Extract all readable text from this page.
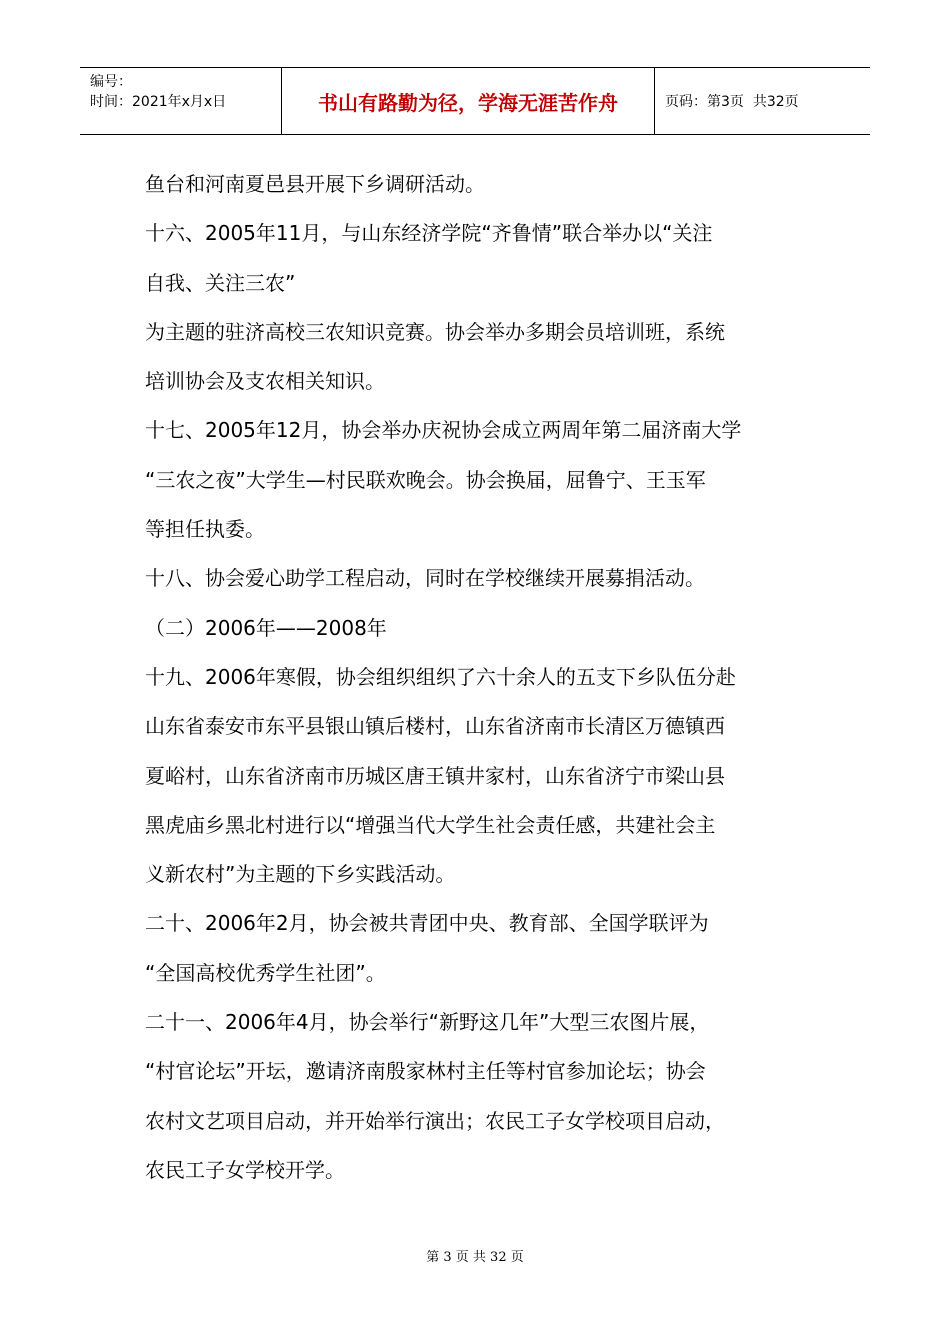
编号：
时间：2021年x月x日	书山有路勤为径，学海无涯苦作舟	页码： 第3页
共32页
鱼台和河南夏邑县开展下乡调研活动。
十六、2005年11月，与山东经济学院“齐鲁情”联合举办以“关注
自我、关注三农”
为主题的驻济高校三农知识竞赛。协会举办多期会员培训班，系统
培训协会及支农相关知识。
十七、2005年12月，协会举办庆祝协会成立两周年第二届济南大学
“三农之夜”大学生—村民联欢晚会。协会换届，屈鲁宁、王玉军
等担任执委。
十八、协会爱心助学工程启动，同时在学校继续开展募捐活动。
（二）2006年——2008年
十九、2006年寒假，协会组织组织了六十余人的五支下乡队伍分赴
山东省泰安市东平县银山镇后楼村，山东省济南市长清区万德镇西
夏峪村，山东省济南市历城区唐王镇井家村，山东省济宁市梁山县
黑虎庙乡黑北村进行以“增强当代大学生社会责任感，共建社会主
义新农村”为主题的下乡实践活动。
二十、2006年2月，协会被共青团中央、教育部、全国学联评为
“全国高校优秀学生社团”。
二十一、2006年4月，协会举行“新野这几年”大型三农图片展，
“村官论坛”开坛，邀请济南殷家林村主任等村官参加论坛；协会
农村文艺项目启动，并开始举行演出；农民工子女学校项目启动，
农民工子女学校开学。
第 3 页 共 32 页
